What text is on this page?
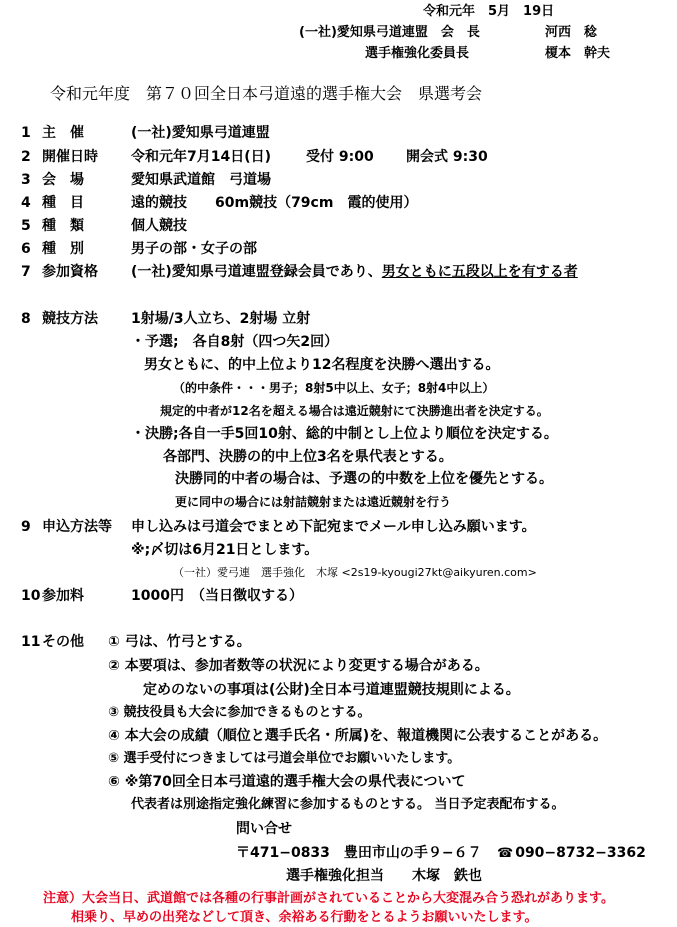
令和元年　5月　19日
(一社)愛知県弓道連盟　会　長	河西　稔
選手権強化委員長	榎本　幹夫
令和元年度　第７０回全日本弓道遠的選手権大会　県選考会
1 主　催	(一社)愛知県弓道連盟
2 開催日時 令和元年7月14日(日) 受付 9:00 開会式 9:30
3 会　場	愛知県武道館　弓道場
4 種　目	遠的競技　　60m競技（79cm　霞的使用）
5 種　類	個人競技
6 種　別	男子の部・女子の部
7 参加資格 (一社)愛知県弓道連盟登録会員であり、男女ともに五段以上を有する者
8 競技方法 1射場/3人立ち、2射場 立射
・予選;　各自8射（四つ矢2回）
男女ともに、的中上位より12名程度を決勝へ選出する。
（的中条件・・・男子；8射5中以上、女子；8射4中以上）
規定的中者が12名を超える場合は遠近競射にて決勝進出者を決定する。
・決勝;各自一手5回10射、総的中制とし上位より順位を決定する。
各部門、決勝の的中上位3名を県代表とする。
決勝同的中者の場合は、予選の的中数を上位を優先とする。
更に同中の場合には射詰競射または遠近競射を行う
9 申込方法等 申し込みは弓道会でまとめ下記宛までメール申し込み願います。
※;〆切は6月21日とします。
（一社）愛弓連　選手強化　木塚 <2s19-kyougi27kt@aikyuren.com>
10 参加料	1000円　（当日徴収する）
11 その他 ① 弓は、竹弓とする。
② 本要項は、参加者数等の状況により変更する場合がある。
定めのないの事項は(公財)全日本弓道連盟競技規則による。
③ 競技役員も大会に参加できるものとする。
④ 本大会の成績（順位と選手氏名・所属)を、報道機関に公表することがある。
⑤ 選手受付につきましては弓道会単位でお願いいたします。
⑥ ※第70回全日本弓道遠的選手権大会の県代表について
代表者は別途指定強化練習に参加するものとする。 当日予定表配布する。
問い合せ
〒471−0833　豊田市山の手９−６７ ☎ 090−8732−3362
選手権強化担当　　木塚　鉄也
注意）大会当日、武道館では各種の行事計画がされていることから大変混み合う恐れがあります。
相乗り、早めの出発などして頂き、余裕ある行動をとるようお願いいたします。
